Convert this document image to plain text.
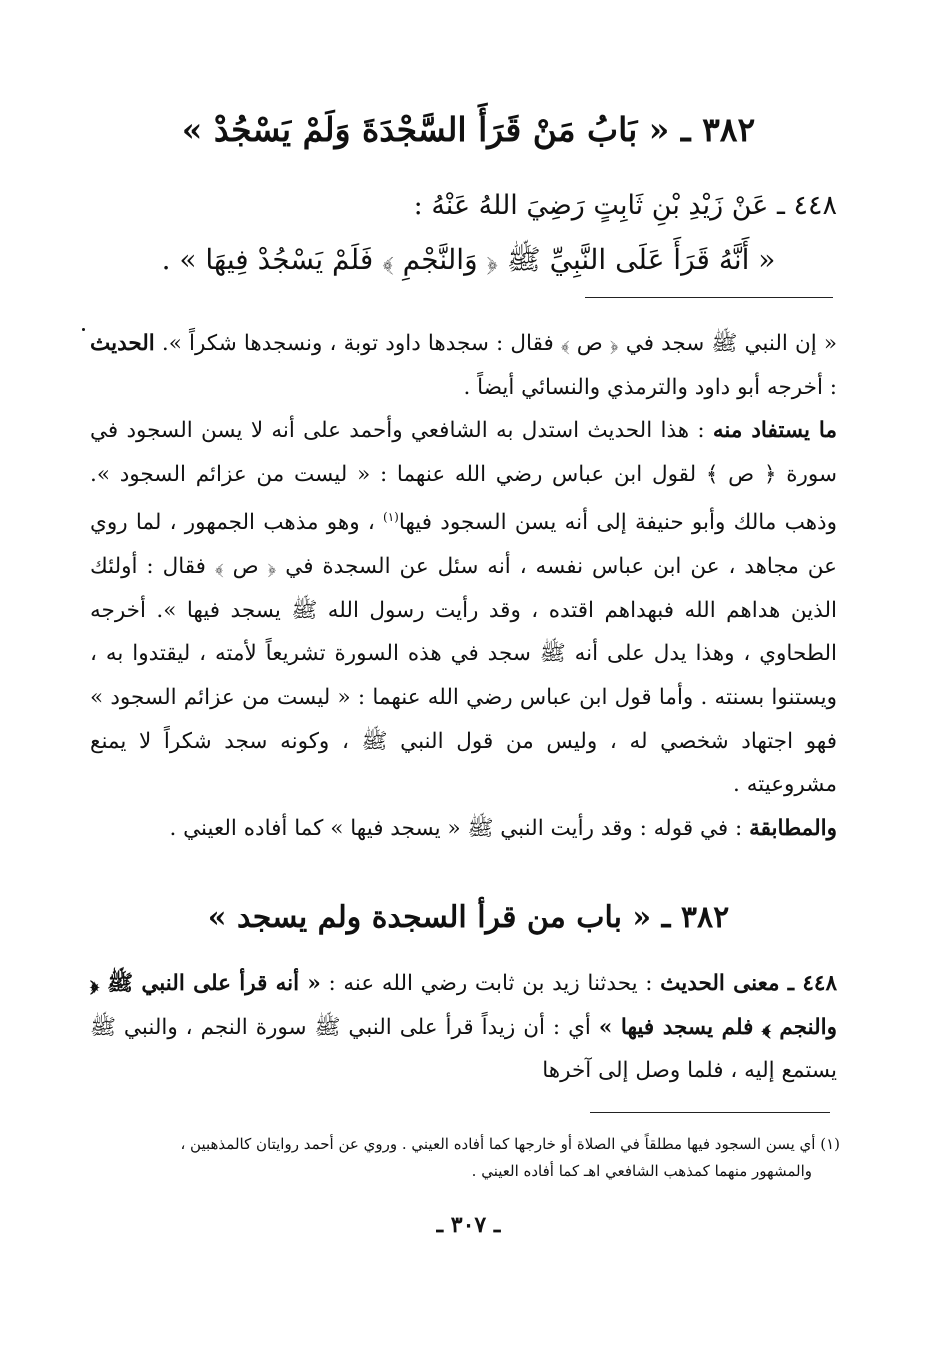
٣٨٢ ـ « بَابُ مَنْ قَرَأَ السَّجْدَةَ وَلَمْ يَسْجُدْ »
٤٤٨ ـ عَنْ زَيْدِ بْنِ ثَابِتٍ رَضِيَ اللهُ عَنْهُ :
« أَنَّهُ قَرَأَ عَلَى النَّبِيِّ ﷺ ﴿ وَالنَّجْمِ ﴾ فَلَمْ يَسْجُدْ فِيهَا » .
« إن النبي ﷺ سجد في ﴿ ص ﴾ فقال : سجدها داود توبة ، ونسجدها شكراً ». الحديث : أخرجه أبو داود والترمذي والنسائي أيضاً .
ما يستفاد منه : هذا الحديث استدل به الشافعي وأحمد على أنه لا يسن السجود في سورة ﴿ ص ﴾ لقول ابن عباس رضي الله عنهما : « ليست من عزائم السجود ». وذهب مالك وأبو حنيفة إلى أنه يسن السجود فيها$^{(١)}$ ، وهو مذهب الجمهور ، لما روي عن مجاهد ، عن ابن عباس نفسه ، أنه سئل عن السجدة في ﴿ ص ﴾ فقال : أولئك الذين هداهم الله فبهداهم اقتده ، وقد رأيت رسول الله ﷺ يسجد فيها ». أخرجه الطحاوي ، وهذا يدل على أنه ﷺ سجد في هذه السورة تشريعاً لأمته ، ليقتدوا به ، ويستنوا بسنته . وأما قول ابن عباس رضي الله عنهما : « ليست من عزائم السجود » فهو اجتهاد شخصي له ، وليس من قول النبي ﷺ ، وكونه سجد شكراً لا يمنع مشروعيته .
والمطابقة : في قوله : وقد رأيت النبي ﷺ « يسجد فيها » كما أفاده العيني .
٣٨٢ ـ « باب من قرأ السجدة ولم يسجد »
٤٤٨ ـ معنى الحديث : يحدثنا زيد بن ثابت رضي الله عنه : « أنه قرأ على النبي ﷺ ﴿ والنجم ﴾ فلم يسجد فيها » أي : أن زيداً قرأ على النبي ﷺ سورة النجم ، والنبي ﷺ يستمع إليه ، فلما وصل إلى آخرها
(١) أي يسن السجود فيها مطلقاً في الصلاة أو خارجها كما أفاده العيني . وروي عن أحمد روايتان كالمذهبين ،
والمشهور منهما كمذهب الشافعي اهـ كما أفاده العيني .
ـ ٣٠٧ ـ
